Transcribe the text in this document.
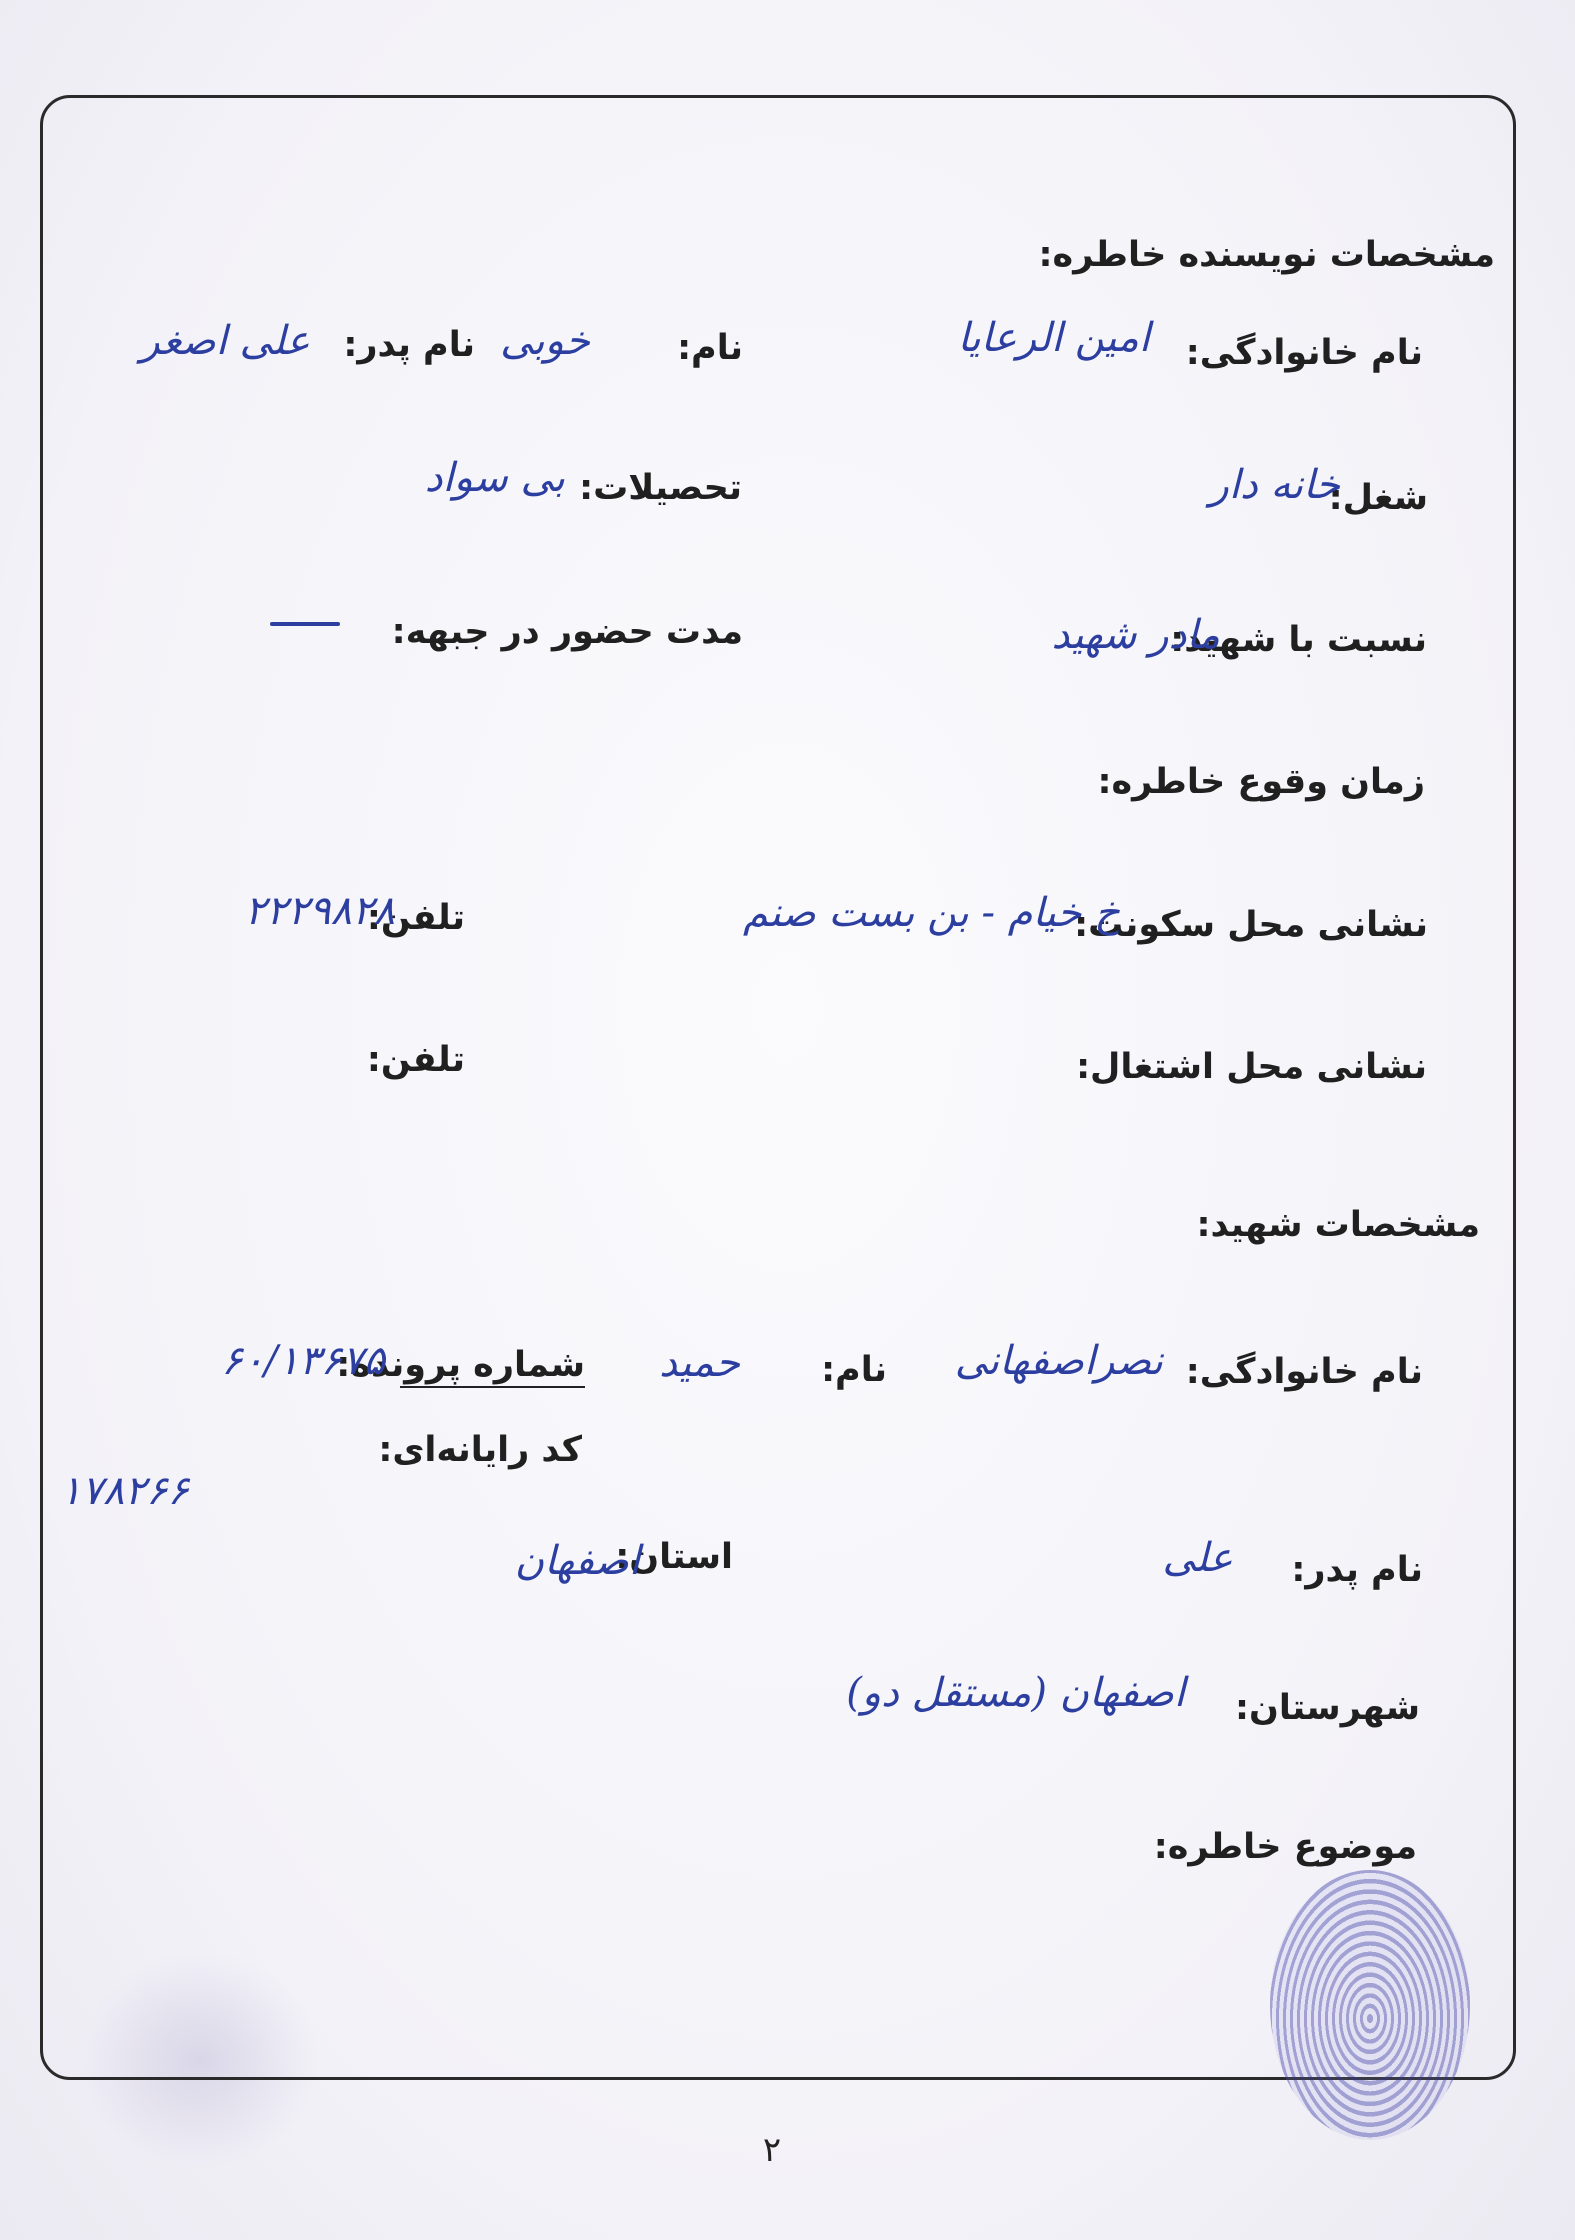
مشخصات نویسنده خاطره:
نام خانوادگی:
امین الرعایا
نام:
خوبی
نام پدر:
علی اصغر
شغل:
خانه دار
تحصیلات:
بی سواد
نسبت با شهید:
مادر شهید
مدت حضور در جبهه:
زمان وقوع خاطره:
نشانی محل سکونت:
خ خیام - بن بست صنم
تلفن:
۲۲۲۹۸۲۸
نشانی محل اشتغال:
تلفن:
مشخصات شهید:
نام خانوادگی:
نصراصفهانی
نام:
حمید
شماره پرونده:
۶۰/۱۳۶۷۵
کد رایانه‌ای:
۱۷۸۲۶۶
نام پدر:
علی
استان:
اصفهان
شهرستان:
اصفهان (مستقل دو)
موضوع خاطره:
۲
